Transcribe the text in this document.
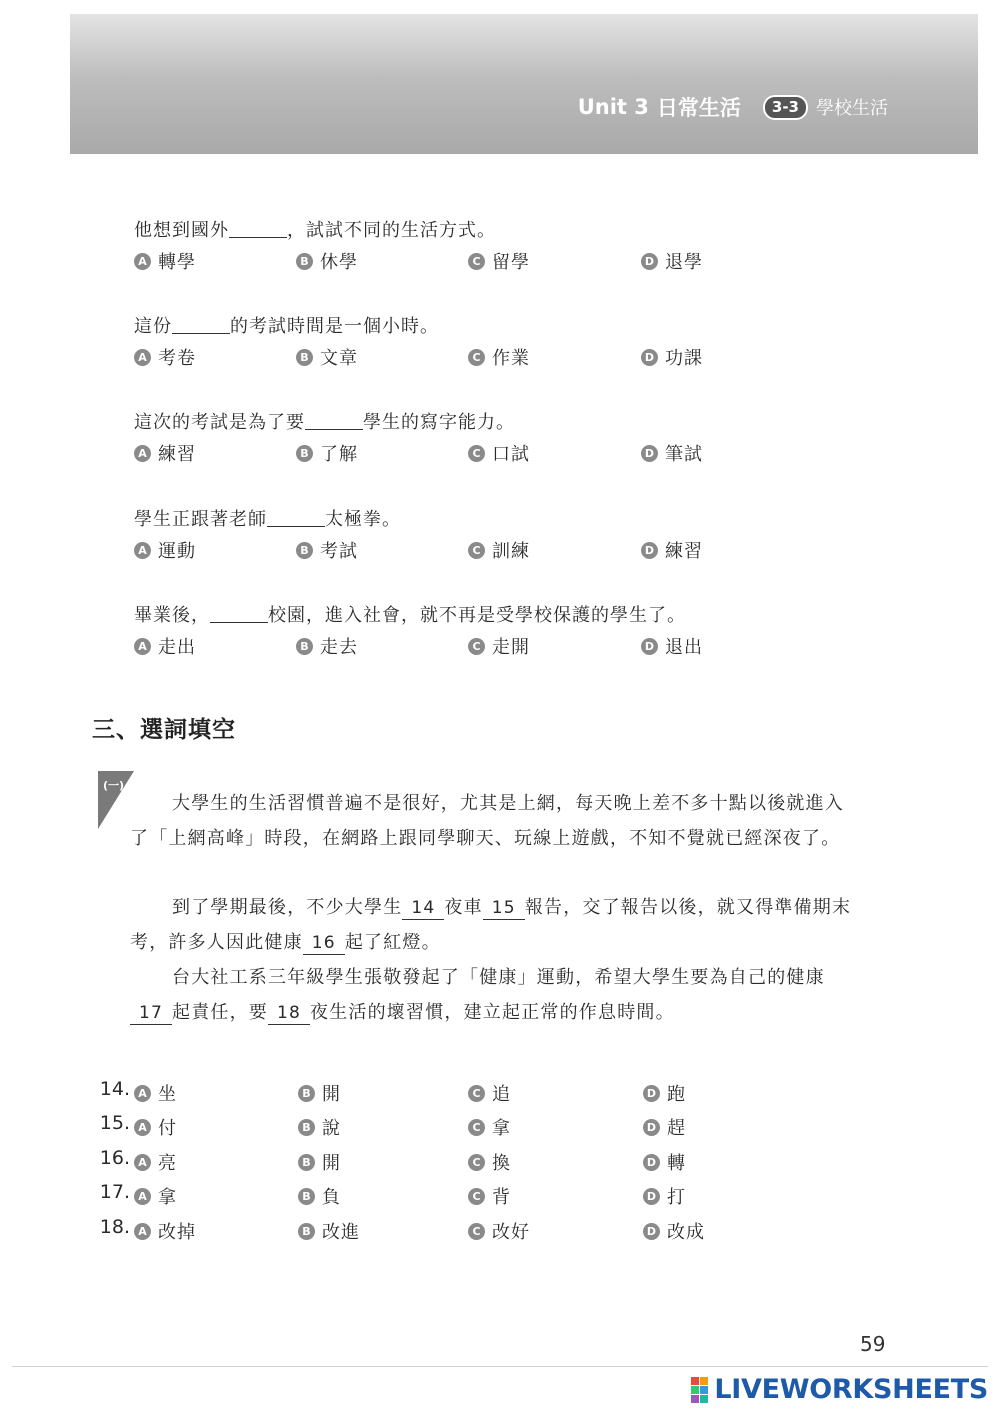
Unit 3 日常生活	3-3 學校生活
他想到國外	，試試不同的生活方式。
A 轉學	B 休學	C 留學	D 退學
這份	的考試時間是一個小時。
A 考卷	B 文章	C 作業	D 功課
這次的考試是為了要	學生的寫字能力。
A 練習	B 了解	C 口試	D 筆試
學生正跟著老師	太極拳。
A 運動	B 考試	C 訓練	D 練習
畢業後，	校園，進入社會，就不再是受學校保護的學生了。
A 走出	B 走去	C 走開	D 退出
三、選詞填空
(一)
大學生的生活習慣普遍不是很好，尤其是上網，每天晚上差不多十點以後就進入了「上網高峰」時段，在網路上跟同學聊天、玩線上遊戲，不知不覺就已經深夜了。
到了學期最後，不少大學生 14 夜車 15 報告，交了報告以後，就又得準備期末考，許多人因此健康 16 起了紅燈。
台大社工系三年級學生張敬發起了「健康」運動，希望大學生要為自己的健康17 起責任，要 18 夜生活的壞習慣，建立起正常的作息時間。
14. A 坐	B 開	C 追	D 跑
15. A 付	B 說	C 拿	D 趕
16. A 亮	B 開	C 換	D 轉
17. A 拿	B 負	C 背	D 打
18. A 改掉	B 改進	C 改好	D 改成
59
LIVEWORKSHEETS
